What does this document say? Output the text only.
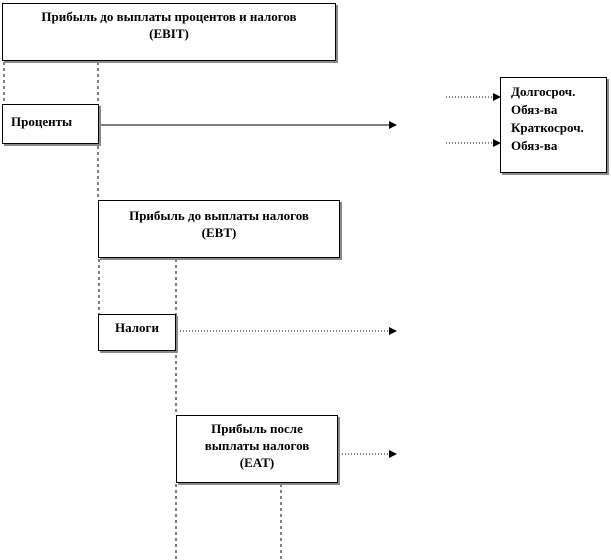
Прибыль до выплаты процентов и налогов
(EBIT)
Проценты
Прибыль до выплаты налогов
(EBT)
Налоги
Прибыль после
выплаты налогов
(EAT)
Долгосроч.
Обяз-ва
Краткосроч.
Обяз-ва
